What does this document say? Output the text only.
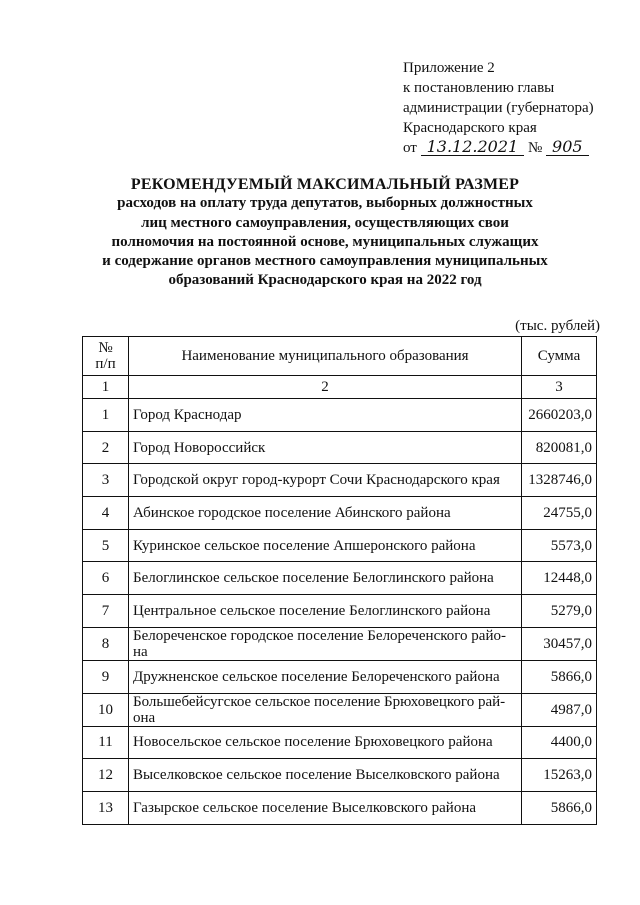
Приложение 2
к постановлению главы
администрации (губернатора)
Краснодарского края
от 13.12.2021 № 905
РЕКОМЕНДУЕМЫЙ МАКСИМАЛЬНЫЙ РАЗМЕР
расходов на оплату труда депутатов, выборных должностных
лиц местного самоуправления, осуществляющих свои
полномочия на постоянной основе, муниципальных служащих
и содержание органов местного самоуправления муниципальных
образований Краснодарского края на 2022 год
(тыс. рублей)
№
п/п	Наименование муниципального образования	Сумма
1	2	3
1	Город Краснодар	2660203,0
2	Город Новороссийск	820081,0
3	Городской округ город-курорт Сочи Краснодарского края	1328746,0
4	Абинское городское поселение Абинского района	24755,0
5	Куринское сельское поселение Апшеронского района	5573,0
6	Белоглинское сельское поселение Белоглинского района	12448,0
7	Центральное сельское поселение Белоглинского района	5279,0
8	Белореченское городское поселение Белореченского райо-на	30457,0
9	Дружненское сельское поселение Белореченского района	5866,0
10	Большебейсугское сельское поселение Брюховецкого рай-она	4987,0
11	Новосельское сельское поселение Брюховецкого района	4400,0
12	Выселковское сельское поселение Выселковского района	15263,0
13	Газырское сельское поселение Выселковского района	5866,0
